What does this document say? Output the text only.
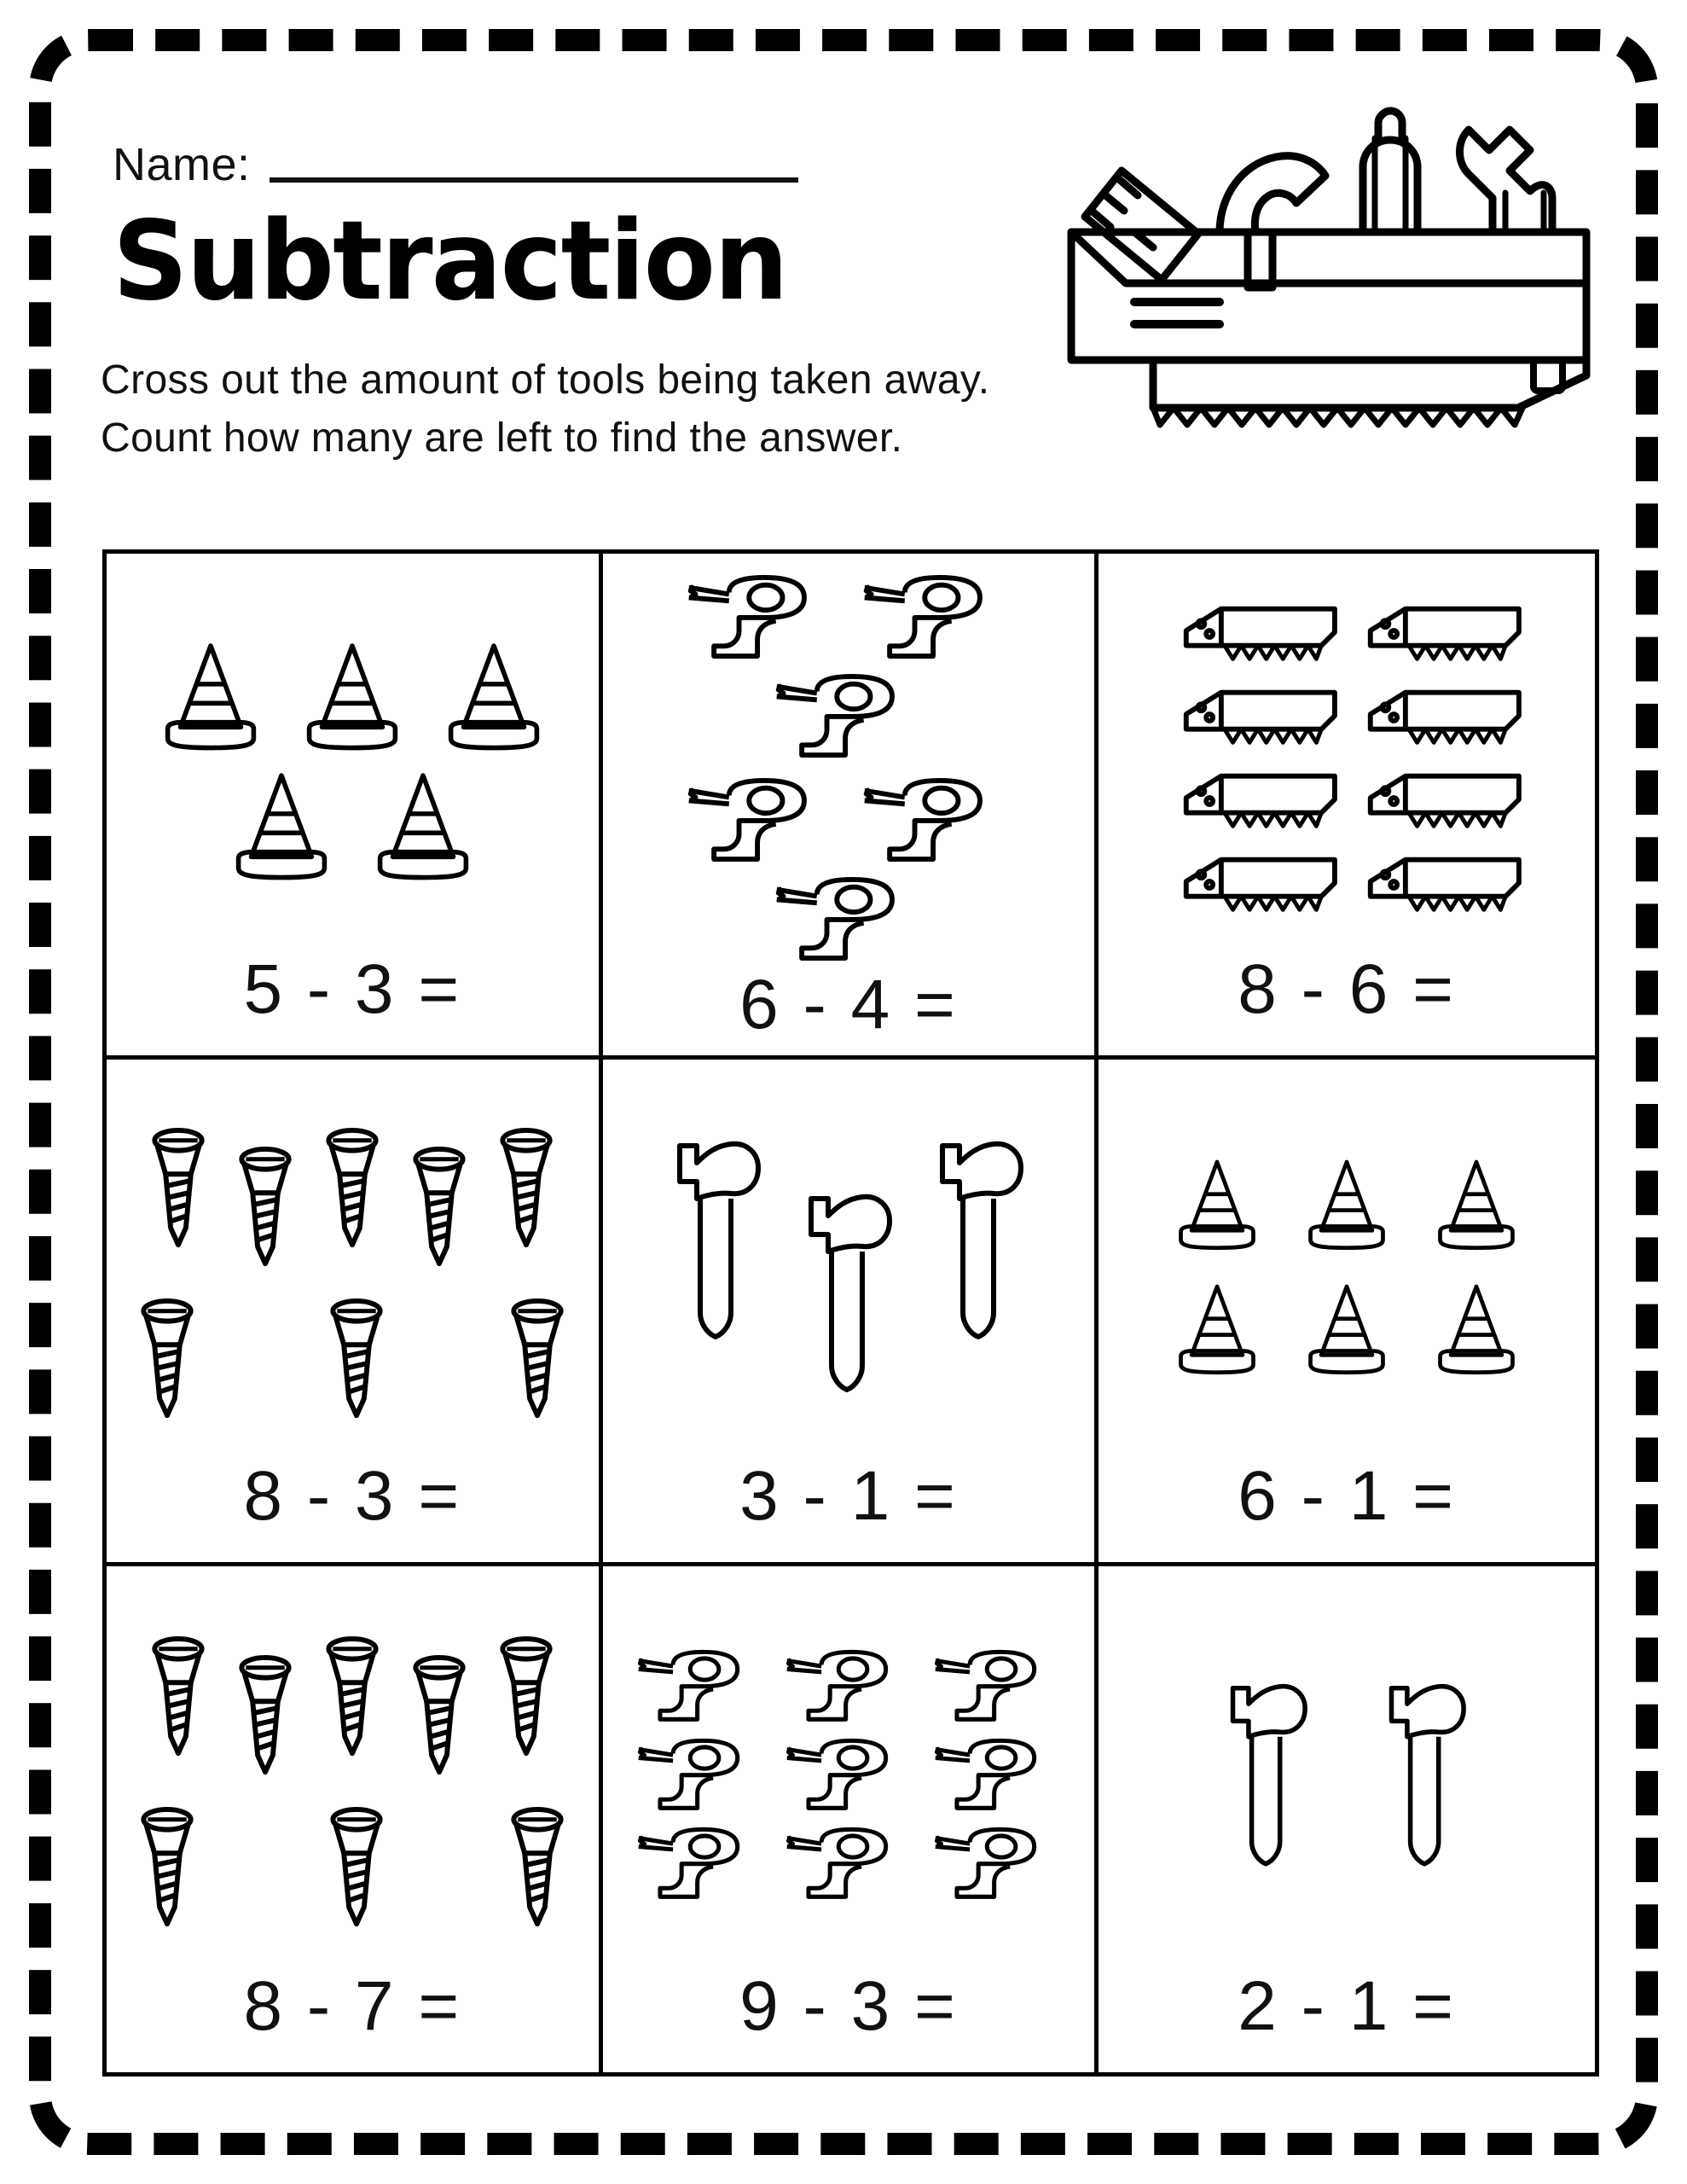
Name:
Subtraction
Cross out the amount of tools being taken away.
Count how many are left to find the answer.
5 - 3 =	6 - 4 =	8 - 6 =
8 - 3 =	3 - 1 =	6 - 1 =
8 - 7 =	9 - 3 =	2 - 1 =
